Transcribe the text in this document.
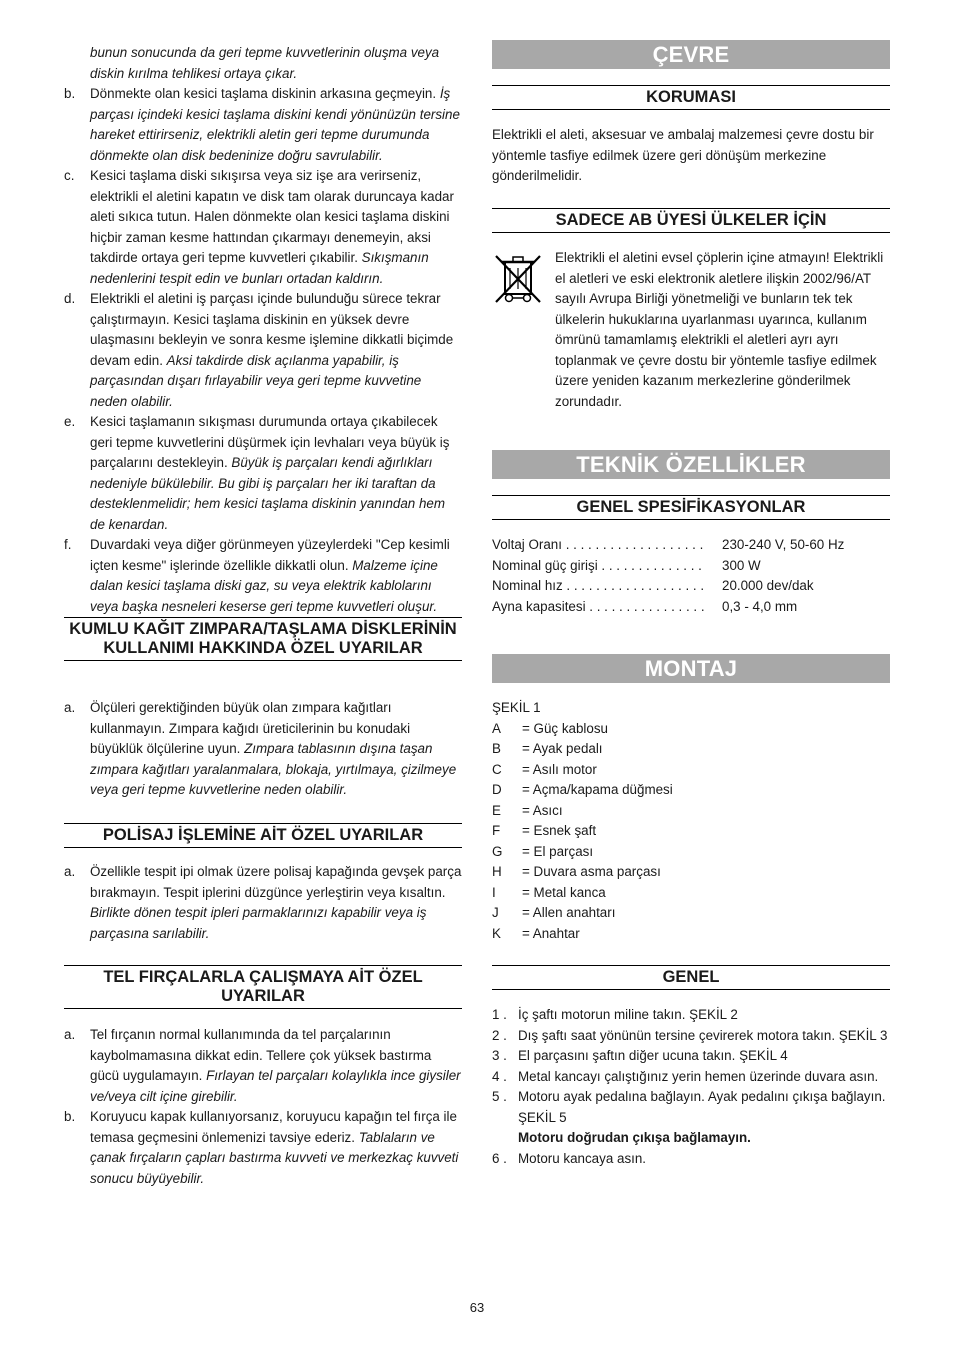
bunun sonucunda da geri tepme kuvvetlerinin oluşma veya diskin kırılma tehlikesi ortaya çıkar.
b.	Dönmekte olan kesici taşlama diskinin arkasına geçmeyin. İş parçası içindeki kesici taşlama diskini kendi yönünüzün tersine hareket ettirirseniz, elektrikli aletin geri tepme durumunda dönmekte olan disk bedeninize doğru savrulabilir.
c.	Kesici taşlama diski sıkışırsa veya siz işe ara verirseniz, elektrikli el aletini kapatın ve disk tam olarak duruncaya kadar aleti sıkıca tutun. Halen dönmekte olan kesici taşlama diskini hiçbir zaman kesme hattından çıkarmayı denemeyin, aksi takdirde ortaya geri tepme kuvvetleri çıkabilir. Sıkışmanın nedenlerini tespit edin ve bunları ortadan kaldırın.
d.	Elektrikli el aletini iş parçası içinde bulunduğu sürece tekrar çalıştırmayın. Kesici taşlama diskinin en yüksek devre ulaşmasını bekleyin ve sonra kesme işlemine dikkatli biçimde devam edin. Aksi takdirde disk açılanma yapabilir, iş parçasından dışarı fırlayabilir veya geri tepme kuvvetine neden olabilir.
e.	Kesici taşlamanın sıkışması durumunda ortaya çıkabilecek geri tepme kuvvetlerini düşürmek için levhaları veya büyük iş parçalarını destekleyin. Büyük iş parçaları kendi ağırlıkları nedeniyle bükülebilir. Bu gibi iş parçaları her iki taraftan da desteklenmelidir; hem kesici taşlama diskinin yanından hem de kenardan.
f.	Duvardaki veya diğer görünmeyen yüzeylerdeki "Cep kesimli içten kesme" işlerinde özellikle dikkatli olun. Malzeme içine dalan kesici taşlama diski gaz, su veya elektrik kablolarını veya başka nesneleri keserse geri tepme kuvvetleri oluşur.
KUMLU KAĞIT ZIMPARA/TAŞLAMA DİSKLERİNİN KULLANIMI HAKKINDA ÖZEL UYARILAR
a.	Ölçüleri gerektiğinden büyük olan zımpara kağıtları kullanmayın. Zımpara kağıdı üreticilerinin bu konudaki büyüklük ölçülerine uyun. Zımpara tablasının dışına taşan zımpara kağıtları yaralanmalara, blokaja, yırtılmaya, çizilmeye veya geri tepme kuvvetlerine neden olabilir.
POLİSAJ İŞLEMİNE AİT ÖZEL UYARILAR
a.	Özellikle tespit ipi olmak üzere polisaj kapağında gevşek parça bırakmayın. Tespit iplerini düzgünce yerleştirin veya kısaltın. Birlikte dönen tespit ipleri parmaklarınızı kapabilir veya iş parçasına sarılabilir.
TEL FIRÇALARLA ÇALIŞMAYA AİT ÖZEL UYARILAR
a.	Tel fırçanın normal kullanımında da tel parçalarının kaybolmamasına dikkat edin. Tellere çok yüksek bastırma gücü uygulamayın. Fırlayan tel parçaları kolaylıkla ince giysiler ve/veya cilt içine girebilir.
b.	Koruyucu kapak kullanıyorsanız, koruyucu kapağın tel fırça ile temasa geçmesini önlemenizi tavsiye ederiz. Tablaların ve çanak fırçaların çapları bastırma kuvveti ve merkezkaç kuvveti sonucu büyüyebilir.
ÇEVRE
KORUMASI
Elektrikli el aleti, aksesuar ve ambalaj malzemesi çevre dostu bir yöntemle tasfiye edilmek üzere geri dönüşüm merkezine gönderilmelidir.
SADECE AB ÜYESİ ÜLKELER İÇİN
Elektrikli el aletini evsel çöplerin içine atmayın! Elektrikli el aletleri ve eski elektronik aletlere ilişkin 2002/96/AT sayılı Avrupa Birliği yönetmeliği ve bunların tek tek ülkelerin hukuklarına uyarlanması uyarınca, kullanım ömrünü tamamlamış elektrikli el aletleri ayrı ayrı toplanmak ve çevre dostu bir yöntemle tasfiye edilmek üzere yeniden kazanım merkezlerine gönderilmek zorundadır.
TEKNİK ÖZELLİKLER
GENEL SPESİFİKASYONLAR
Voltaj Oranı . . . . . . . . . . . . . . . . . . .	230-240 V, 50-60 Hz
Nominal güç girişi . . . . . . . . . . . . . .	300 W
Nominal hız . . . . . . . . . . . . . . . . . . .	20.000 dev/dak
Ayna kapasitesi . . . . . . . . . . . . . . . .	0,3 - 4,0 mm
MONTAJ
ŞEKİL 1
A	= Güç kablosu
B	= Ayak pedalı
C	= Asılı motor
D	= Açma/kapama düğmesi
E	= Asıcı
F	= Esnek şaft
G	= El parçası
H	= Duvara asma parçası
I	= Metal kanca
J	= Allen anahtarı
K	= Anahtar
GENEL
1 . İç şaftı motorun miline takın. ŞEKİL 2
2 . Dış şaftı saat yönünün tersine çevirerek motora takın. ŞEKİL 3
3 . El parçasını şaftın diğer ucuna takın. ŞEKİL 4
4 . Metal kancayı çalıştığınız yerin hemen üzerinde duvara asın.
5 . Motoru ayak pedalına bağlayın. Ayak pedalını çıkışa bağlayın. ŞEKİL 5
Motoru doğrudan çıkışa bağlamayın.
6 . Motoru kancaya asın.
63
